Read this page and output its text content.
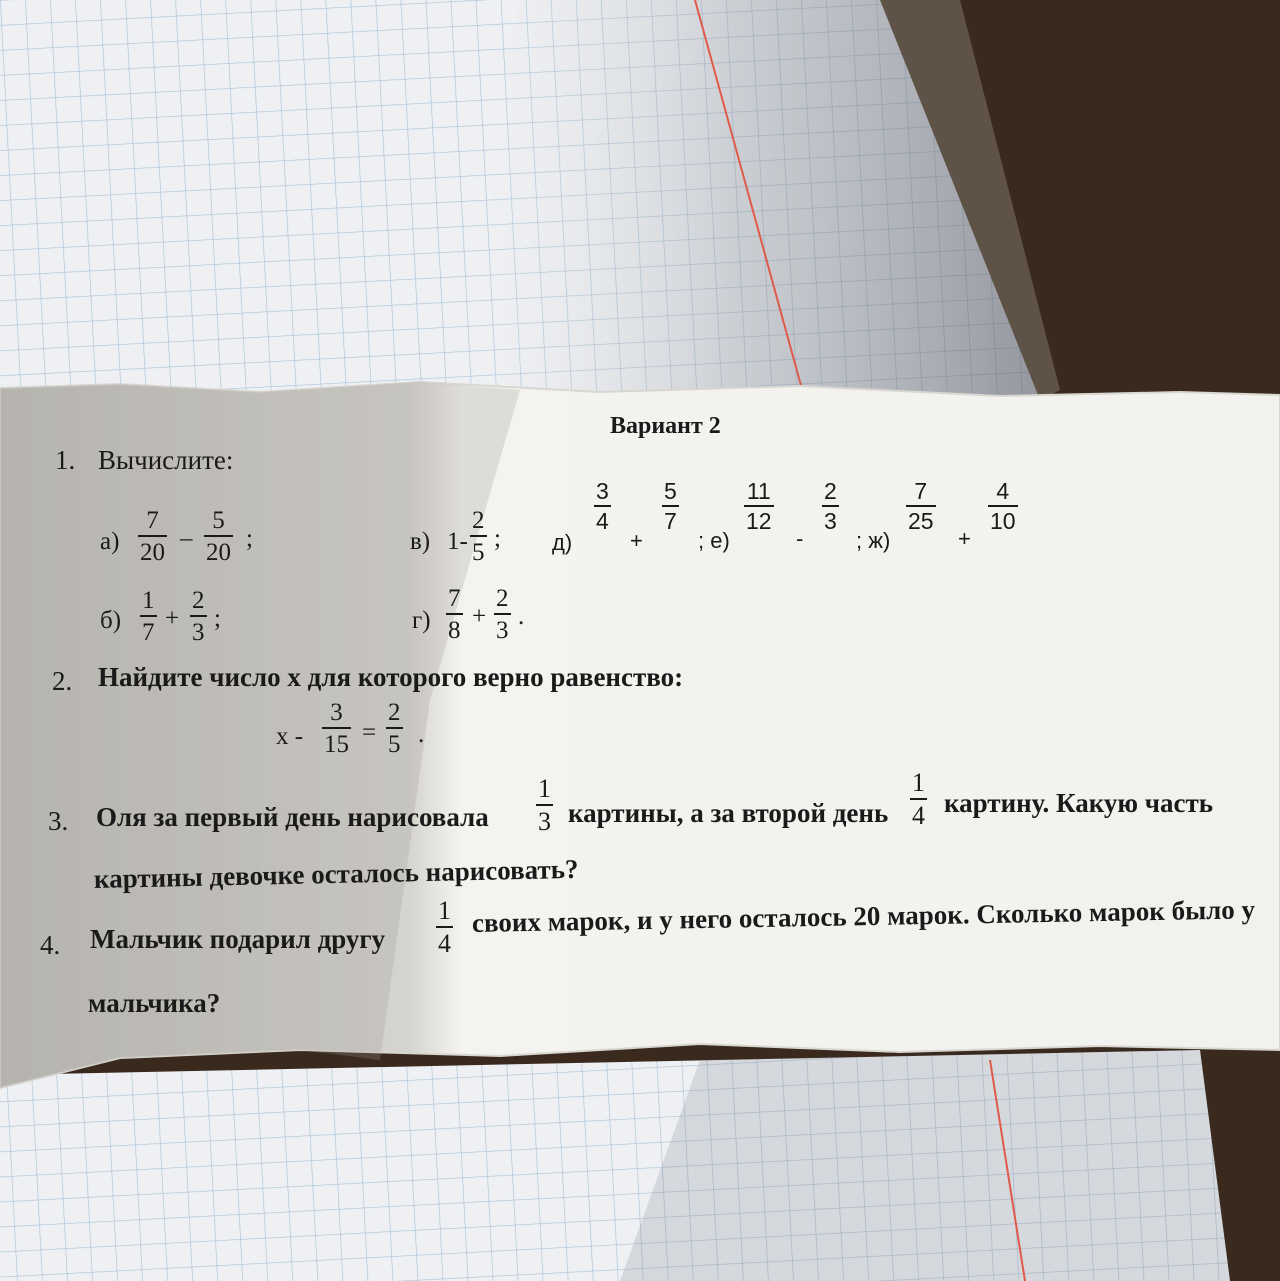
Вариант 2
1. Вычислите:
а)
7
20
–
5
20
;
б)
1
7
+
2
3
;
в) 1-
2
5
;
г)
7
8
+
2
3
.
д)
3
4
+
5
7
; е)
11
12
-
2
3
; ж)
7
25
+
4
10
2. Найдите число х для которого верно равенство:
х -
3
15 =
2
5 .
3. Оля за первый день нарисовала
1
3 картины, а за второй день
1
4 картину. Какую часть
картины девочке осталось нарисовать?
4. Мальчик подарил другу
1
4
своих марок, и у него осталось 20 марок. Сколько марок было у
мальчика?
